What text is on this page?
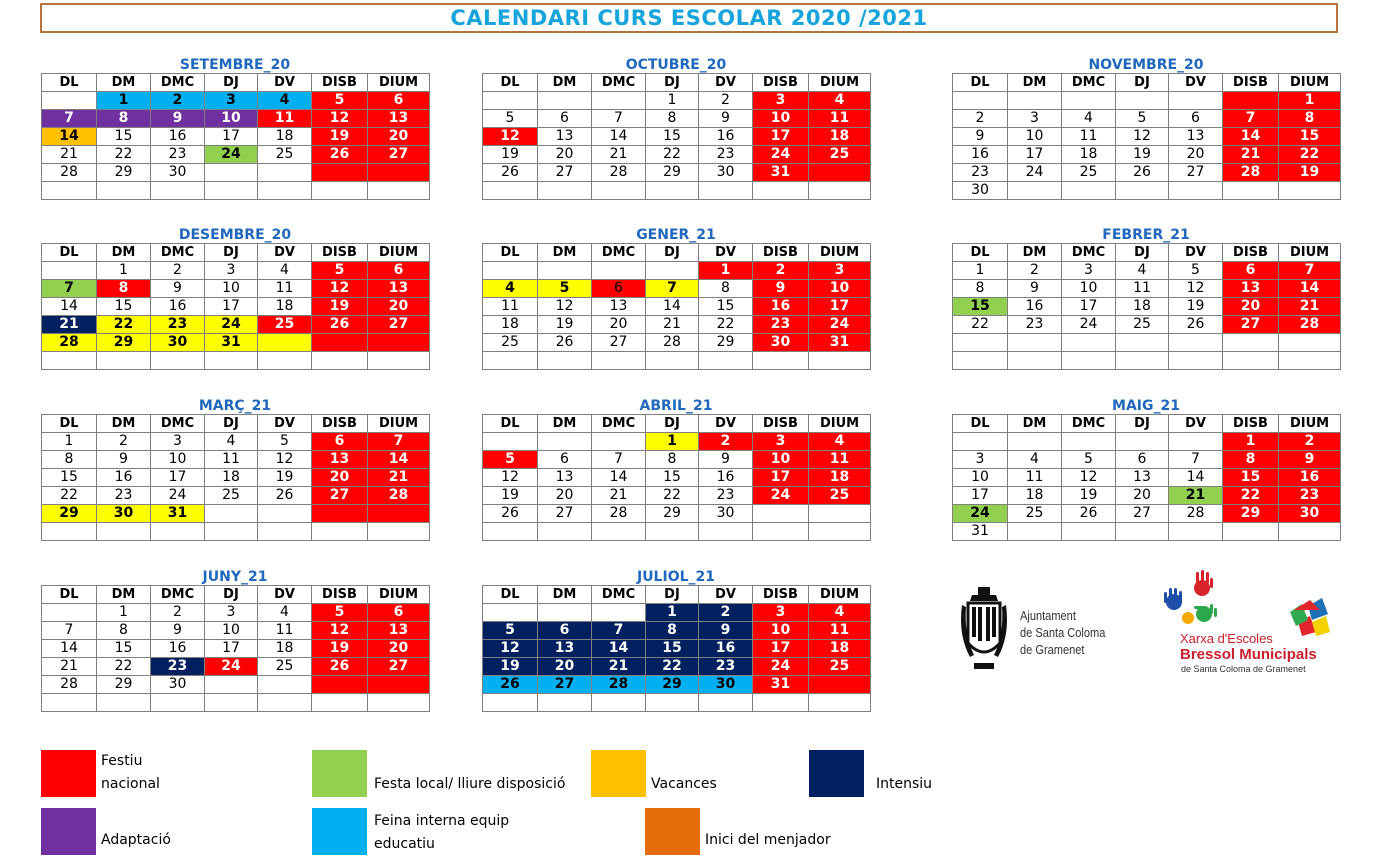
CALENDARI CURS ESCOLAR 2020 /2021
SETEMBRE_20
DL	DM	DMC	DJ	DV	DISB	DIUM
	1	2	3	4	5	6
7	8	9	10	11	12	13
14	15	16	17	18	19	20
21	22	23	24	25	26	27
28	29	30				

OCTUBRE_20
DL	DM	DMC	DJ	DV	DISB	DIUM
			1	2	3	4
5	6	7	8	9	10	11
12	13	14	15	16	17	18
19	20	21	22	23	24	25
26	27	28	29	30	31	

NOVEMBRE_20
DL	DM	DMC	DJ	DV	DISB	DIUM
						1
2	3	4	5	6	7	8
9	10	11	12	13	14	15
16	17	18	19	20	21	22
23	24	25	26	27	28	19
30						
DESEMBRE_20
DL	DM	DMC	DJ	DV	DISB	DIUM
	1	2	3	4	5	6
7	8	9	10	11	12	13
14	15	16	17	18	19	20
21	22	23	24	25	26	27
28	29	30	31			

GENER_21
DL	DM	DMC	DJ	DV	DISB	DIUM
				1	2	3
4	5	6	7	8	9	10
11	12	13	14	15	16	17
18	19	20	21	22	23	24
25	26	27	28	29	30	31

FEBRER_21
DL	DM	DMC	DJ	DV	DISB	DIUM
1	2	3	4	5	6	7
8	9	10	11	12	13	14
15	16	17	18	19	20	21
22	23	24	25	26	27	28

MARÇ_21
DL	DM	DMC	DJ	DV	DISB	DIUM
1	2	3	4	5	6	7
8	9	10	11	12	13	14
15	16	17	18	19	20	21
22	23	24	25	26	27	28
29	30	31				

ABRIL_21
DL	DM	DMC	DJ	DV	DISB	DIUM
			1	2	3	4
5	6	7	8	9	10	11
12	13	14	15	16	17	18
19	20	21	22	23	24	25
26	27	28	29	30		

MAIG_21
DL	DM	DMC	DJ	DV	DISB	DIUM
					1	2
3	4	5	6	7	8	9
10	11	12	13	14	15	16
17	18	19	20	21	22	23
24	25	26	27	28	29	30
31						
JUNY_21
DL	DM	DMC	DJ	DV	DISB	DIUM
	1	2	3	4	5	6
7	8	9	10	11	12	13
14	15	16	17	18	19	20
21	22	23	24	25	26	27
28	29	30				

JULIOL_21
DL	DM	DMC	DJ	DV	DISB	DIUM
			1	2	3	4
5	6	7	8	9	10	11
12	13	14	15	16	17	18
19	20	21	22	23	24	25
26	27	28	29	30	31	

Festiu
nacional	Festa local/ lliure disposició	Vacances	Intensiu
Adaptació
Feina interna equip
educatiu	Inici del menjador
Ajuntament
de Santa Coloma
de Gramenet
Xarxa d'Escoles
Bressol Municipals
de Santa Coloma de Gramenet
